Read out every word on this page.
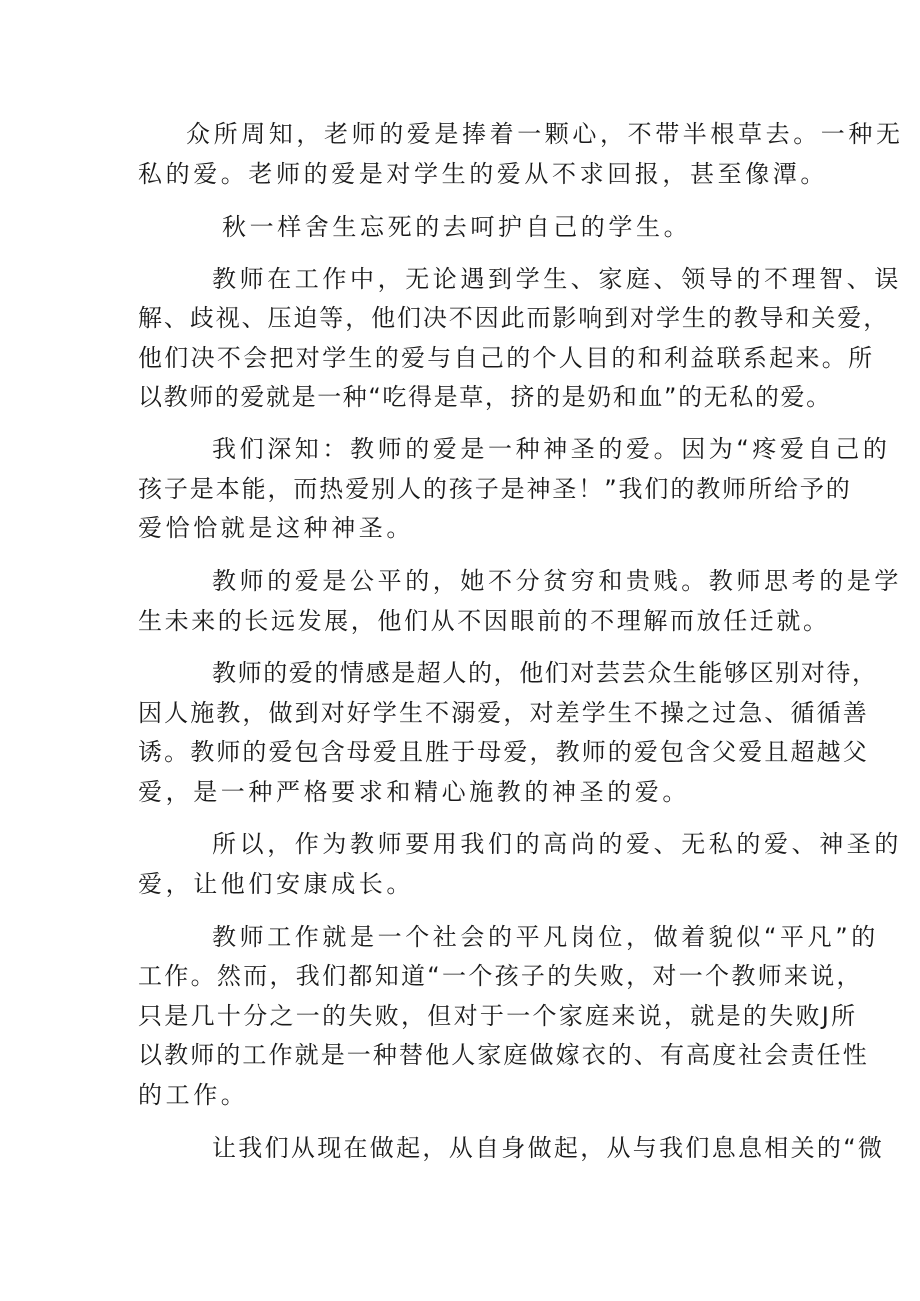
众所周知，老师的爱是捧着一颗心，不带半根草去。一种无
私的爱。老师的爱是对学生的爱从不求回报，甚至像潭。
秋一样舍生忘死的去呵护自己的学生。
教师在工作中，无论遇到学生、家庭、领导的不理智、误
解、歧视、压迫等，他们决不因此而影响到对学生的教导和关爱，
他们决不会把对学生的爱与自己的个人目的和利益联系起来。所
以教师的爱就是一种“吃得是草，挤的是奶和血”的无私的爱。
我们深知：教师的爱是一种神圣的爱。因为“疼爱自己的
孩子是本能，而热爱别人的孩子是神圣！”我们的教师所给予的
爱恰恰就是这种神圣。
教师的爱是公平的，她不分贫穷和贵贱。教师思考的是学
生未来的长远发展，他们从不因眼前的不理解而放任迁就。
教师的爱的情感是超人的，他们对芸芸众生能够区别对待，
因人施教，做到对好学生不溺爱，对差学生不操之过急、循循善
诱。教师的爱包含母爱且胜于母爱，教师的爱包含父爱且超越父
爱，是一种严格要求和精心施教的神圣的爱。
所以，作为教师要用我们的高尚的爱、无私的爱、神圣的
爱，让他们安康成长。
教师工作就是一个社会的平凡岗位，做着貌似“平凡”的
工作。然而，我们都知道“一个孩子的失败，对一个教师来说，
只是几十分之一的失败，但对于一个家庭来说，就是的失败J所
以教师的工作就是一种替他人家庭做嫁衣的、有高度社会责任性
的工作。
让我们从现在做起，从自身做起，从与我们息息相关的“微
